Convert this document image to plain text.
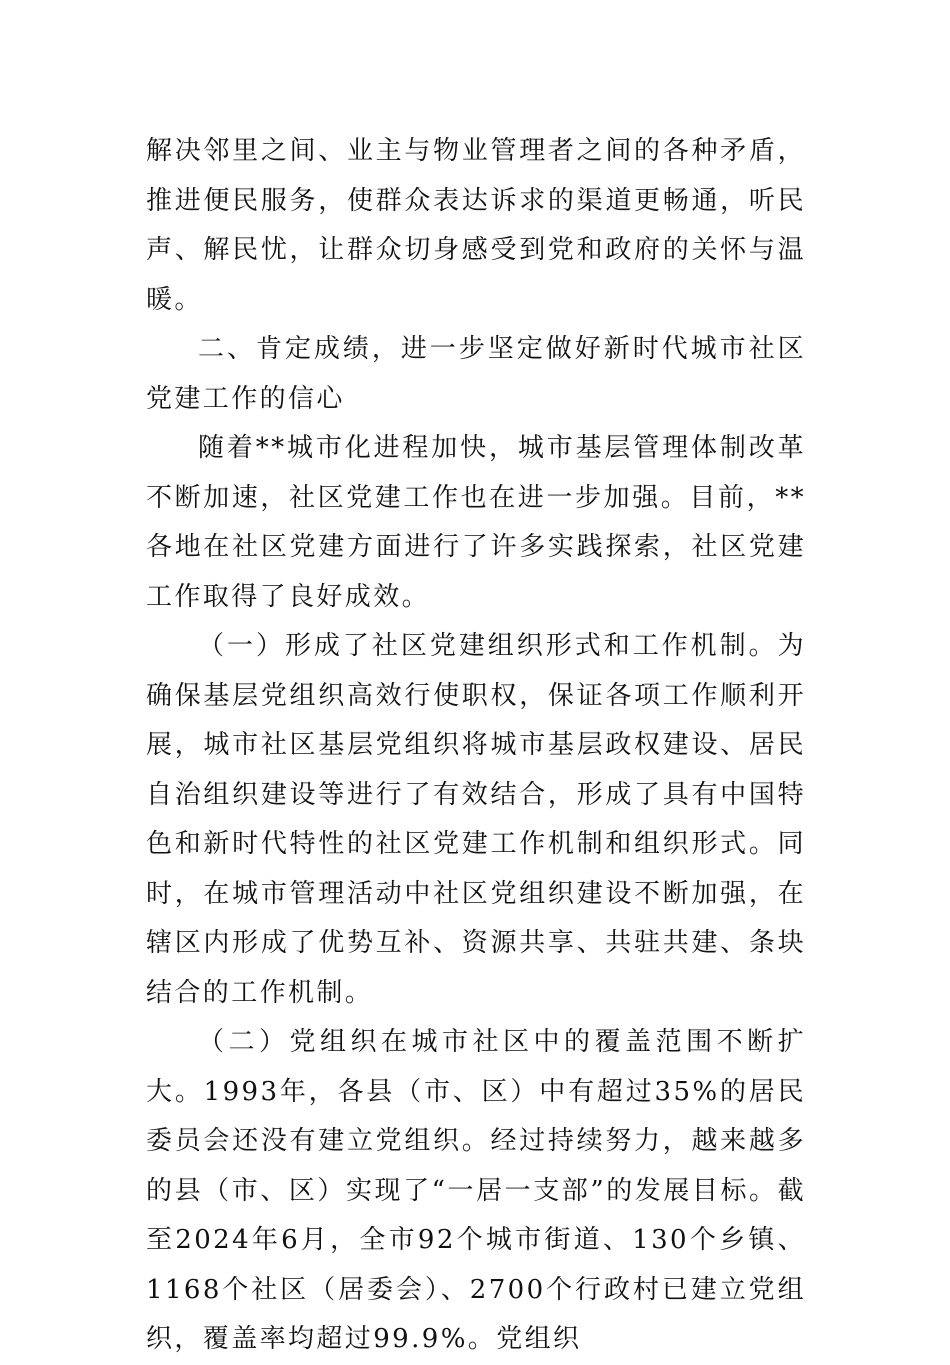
解决邻里之间、业主与物业管理者之间的各种矛盾，推进便民服务，使群众表达诉求的渠道更畅通，听民声、解民忧，让群众切身感受到党和政府的关怀与温暖。

二、肯定成绩，进一步坚定做好新时代城市社区党建工作的信心

随着**城市化进程加快，城市基层管理体制改革不断加速，社区党建工作也在进一步加强。目前，**各地在社区党建方面进行了许多实践探索，社区党建工作取得了良好成效。

（一）形成了社区党建组织形式和工作机制。为确保基层党组织高效行使职权，保证各项工作顺利开展，城市社区基层党组织将城市基层政权建设、居民自治组织建设等进行了有效结合，形成了具有中国特色和新时代特性的社区党建工作机制和组织形式。同时，在城市管理活动中社区党组织建设不断加强，在辖区内形成了优势互补、资源共享、共驻共建、条块结合的工作机制。

（二）党组织在城市社区中的覆盖范围不断扩大。1993年，各县（市、区）中有超过35%的居民委员会还没有建立党组织。经过持续努力，越来越多的县（市、区）实现了“一居一支部”的发展目标。截至2024年6月，全市92个城市街道、130个乡镇、1168个社区（居委会）、2700个行政村已建立党组织，覆盖率均超过99.9%。党组织
